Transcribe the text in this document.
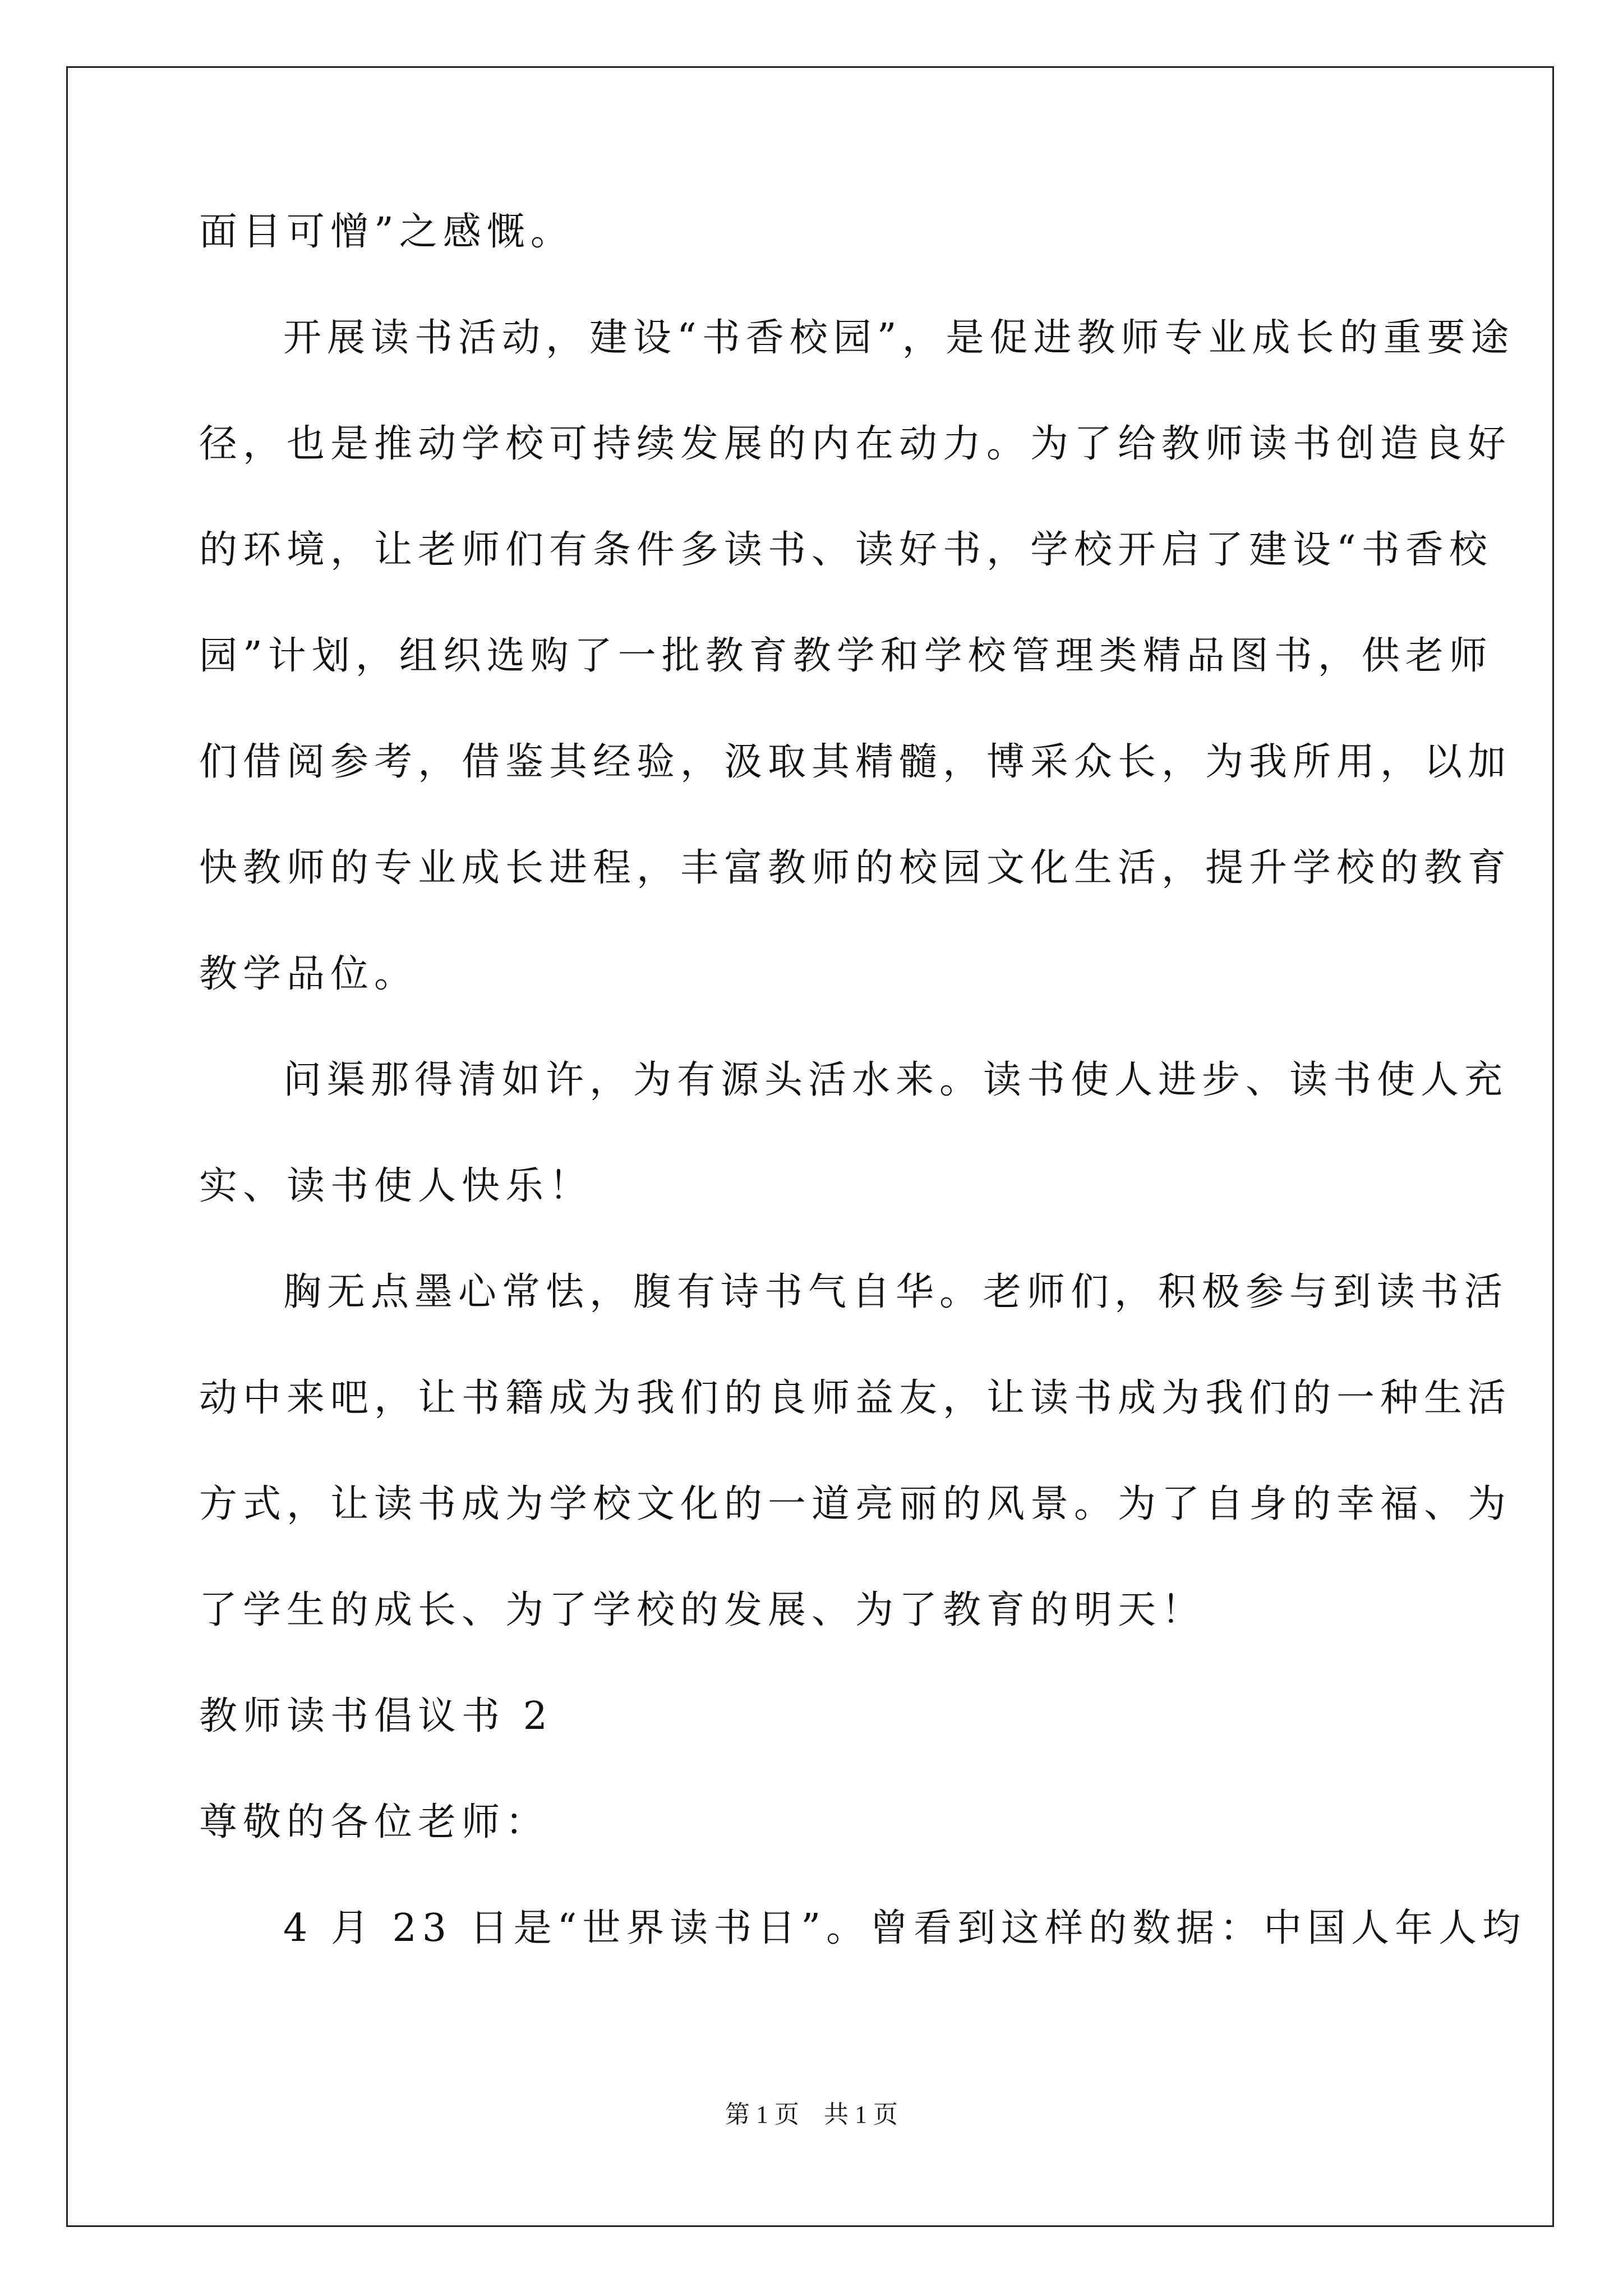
面目可憎”之感慨。
开展读书活动，建设“书香校园”，是促进教师专业成长的重要途
径，也是推动学校可持续发展的内在动力。为了给教师读书创造良好
的环境，让老师们有条件多读书、读好书，学校开启了建设“书香校
园”计划，组织选购了一批教育教学和学校管理类精品图书，供老师
们借阅参考，借鉴其经验，汲取其精髓，博采众长，为我所用，以加
快教师的专业成长进程，丰富教师的校园文化生活，提升学校的教育
教学品位。
问渠那得清如许，为有源头活水来。读书使人进步、读书使人充
实、读书使人快乐！
胸无点墨心常怯，腹有诗书气自华。老师们，积极参与到读书活
动中来吧，让书籍成为我们的良师益友，让读书成为我们的一种生活
方式，让读书成为学校文化的一道亮丽的风景。为了自身的幸福、为
了学生的成长、为了学校的发展、为了教育的明天！
教师读书倡议书 2
尊敬的各位老师：
4 月 23 日是“世界读书日”。曾看到这样的数据：中国人年人均
第 1 页    共 1 页
